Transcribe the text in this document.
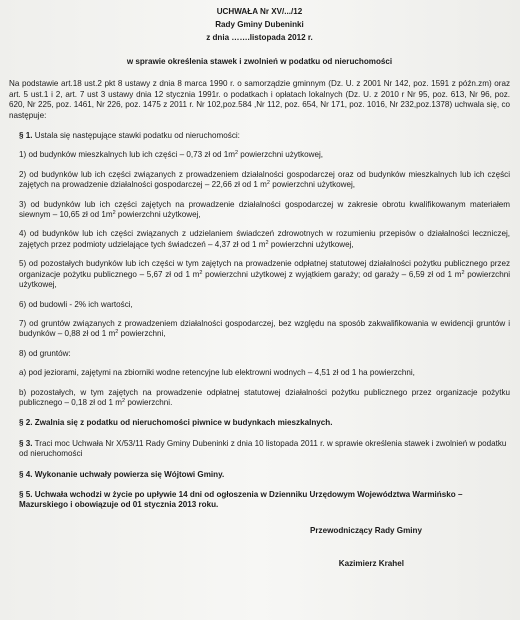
UCHWAŁA Nr XV/.../12
Rady Gminy Dubeninki
z dnia …….listopada 2012 r.
w sprawie określenia stawek i zwolnień w podatku od nieruchomości

Na podstawie art.18 ust.2 pkt 8 ustawy z dnia 8 marca 1990 r. o samorządzie gminnym (Dz. U. z 2001 Nr 142, poz. 1591 z późn.zm) oraz art. 5 ust.1 i 2, art. 7 ust 3 ustawy dnia 12 stycznia 1991r. o podatkach i opłatach lokalnych (Dz. U. z 2010 r Nr 95, poz. 613, Nr 96, poz. 620, Nr 225, poz. 1461, Nr 226, poz. 1475 z 2011 r. Nr 102,poz.584 ,Nr 112, poz. 654, Nr 171, poz. 1016, Nr 232,poz.1378) uchwala się, co następuje:

§ 1. Ustala się następujące stawki podatku od nieruchomości:

1) od budynków mieszkalnych lub ich części – 0,73 zł od $1m^2$ powierzchni użytkowej,

2) od budynków lub ich części związanych z prowadzeniem działalności gospodarczej oraz od budynków mieszkalnych lub ich części zajętych na prowadzenie działalności gospodarczej – 22,66 zł od 1 $m^2$ powierzchni użytkowej,

3) od budynków lub ich części zajętych na prowadzenie działalności gospodarczej w zakresie obrotu kwalifikowanym materiałem siewnym – 10,65 zł od $1m^2$ powierzchni użytkowej,

4) od budynków lub ich części związanych z udzielaniem świadczeń zdrowotnych w rozumieniu przepisów o działalności leczniczej, zajętych przez podmioty udzielające tych świadczeń – 4,37 zł od 1 $m^2$ powierzchni użytkowej,

5) od pozostałych budynków lub ich części w tym zajętych na prowadzenie odpłatnej statutowej działalności pożytku publicznego przez organizacje pożytku publicznego – 5,67 zł od 1 $m^2$ powierzchni użytkowej z wyjątkiem garaży; od garaży – 6,59 zł od 1 $m^2$ powierzchni użytkowej,

6) od budowli - 2% ich wartości,

7) od gruntów związanych z prowadzeniem działalności gospodarczej, bez względu na sposób zakwalifikowania w ewidencji gruntów i budynków – 0,88 zł od 1 $m^2$ powierzchni,

8) od gruntów:

a) pod jeziorami, zajętymi na zbiorniki wodne retencyjne lub elektrowni wodnych – 4,51 zł od 1 ha powierzchni,

b) pozostałych, w tym zajętych na prowadzenie odpłatnej statutowej działalności pożytku publicznego przez organizacje pożytku publicznego – 0,18 zł od 1 $m^2$ powierzchni.

§ 2. Zwalnia się z podatku od nieruchomości piwnice w budynkach mieszkalnych.

§ 3. Traci moc Uchwała Nr X/53/11 Rady Gminy Dubeninki z dnia 10 listopada 2011 r. w sprawie określenia stawek i zwolnień w podatku od nieruchomości

§ 4. Wykonanie uchwały powierza się Wójtowi Gminy.

§ 5. Uchwała wchodzi w życie po upływie 14 dni od ogłoszenia w Dzienniku Urzędowym Województwa Warmińsko – Mazurskiego i obowiązuje od 01 stycznia 2013 roku.

Przewodniczący Rady Gminy
Kazimierz Krahel
